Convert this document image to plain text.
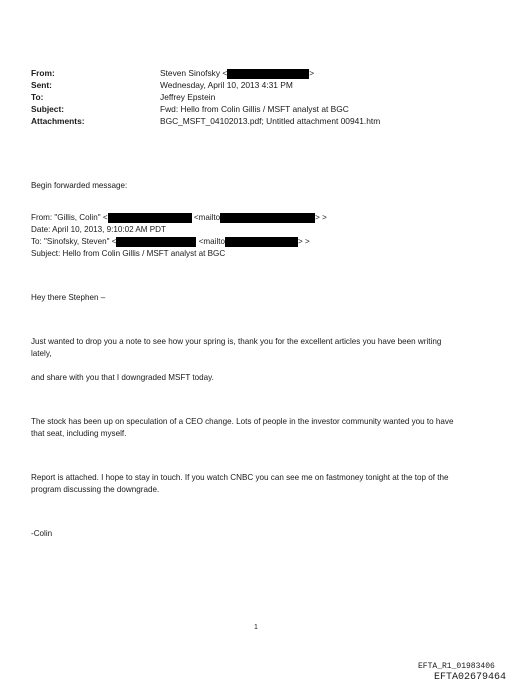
From:	Steven Sinofsky <	>
Sent:	Wednesday, April 10, 2013 4:31 PM
To:	Jeffrey Epstein
Subject:	Fwd: Hello from Colin Gillis / MSFT analyst at BGC
Attachments:	BGC_MSFT_04102013.pdf; Untitled attachment 00941.htm
Begin forwarded message:
From: "Gillis, Colin" <	<mailto	> >
Date: April 10, 2013, 9:10:02 AM PDT
To: "Sinofsky, Steven" <	<mailto	> >
Subject: Hello from Colin Gillis / MSFT analyst at BGC
Hey there Stephen –
Just wanted to drop you a note to see how your spring is, thank you for the excellent articles you have been writing
lately,
and share with you that I downgraded MSFT today.
The stock has been up on speculation of a CEO change. Lots of people in the investor community wanted you to have
that seat, including myself.
Report is attached. I hope to stay in touch. If you watch CNBC you can see me on fastmoney tonight at the top of the
program discussing the downgrade.
-Colin
1
EFTA_R1_01983406
EFTA02679464
